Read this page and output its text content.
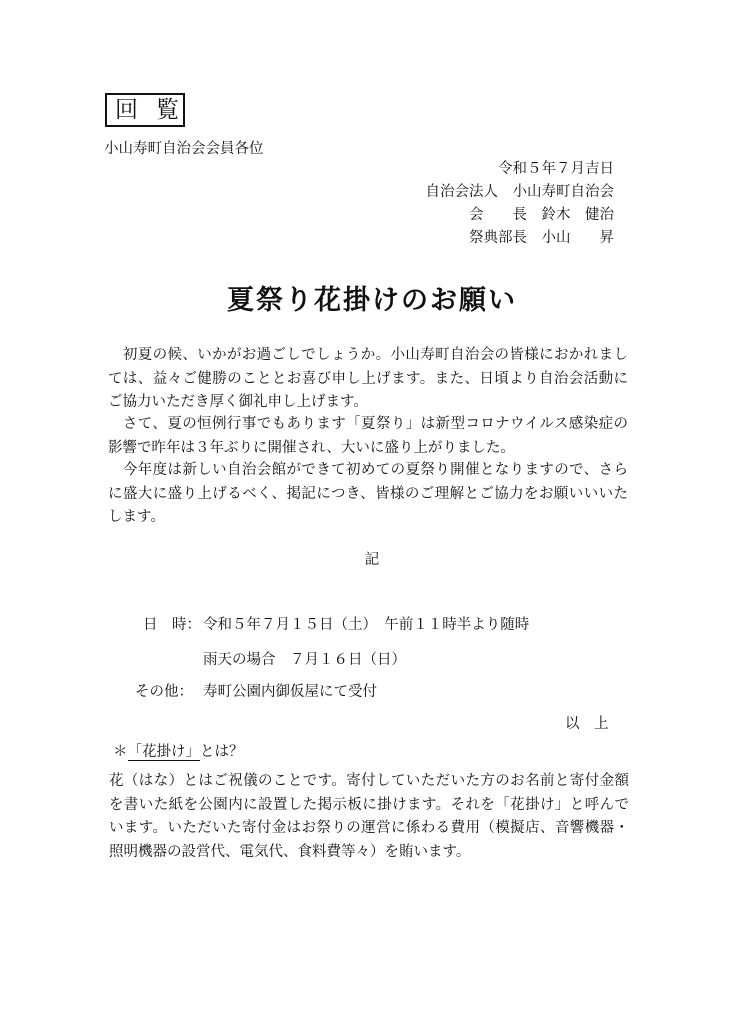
回覧
小山寿町自治会会員各位
令和５年７月吉日
自治会法人　小山寿町自治会
会　　長　鈴木　健治
祭典部長　小山　　昇
夏祭り花掛けのお願い
　初夏の候、いかがお過ごしでしょうか。小山寿町自治会の皆様におかれましては、益々ご健勝のこととお喜び申し上げます。また、日頃より自治会活動にご協力いただき厚く御礼申し上げます。
　さて、夏の恒例行事でもあります「夏祭り」は新型コロナウイルス感染症の影響で昨年は３年ぶりに開催され、大いに盛り上がりました。
　今年度は新しい自治会館ができて初めての夏祭り開催となりますので、さらに盛大に盛り上げるべく、掲記につき、皆様のご理解とご協力をお願いいいたします。
記
日　時： 令和５年７月１５日（土）　午前１１時半より随時
雨天の場合　７月１６日（日）
その他： 寿町公園内御仮屋にて受付
以　上
＊「花掛け」とは？
花（はな）とはご祝儀のことです。寄付していただいた方のお名前と寄付金額を書いた紙を公園内に設置した掲示板に掛けます。それを「花掛け」と呼んでいます。いただいた寄付金はお祭りの運営に係わる費用（模擬店、音響機器・照明機器の設営代、電気代、食料費等々）を賄います。
